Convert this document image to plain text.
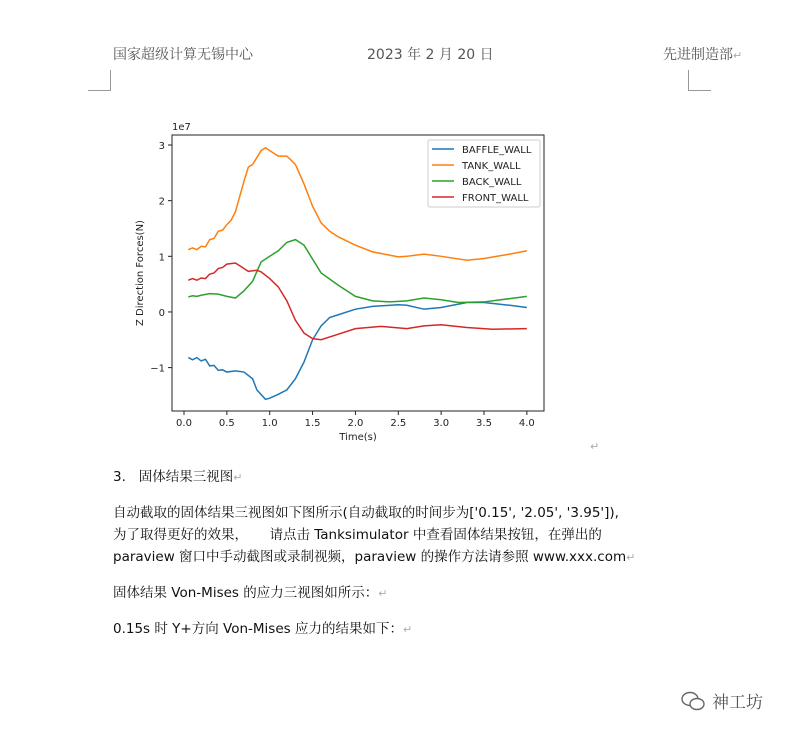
国家超级计算无锡中心	2023 年 2 月 20 日	先进制造部↵
0.0	0.5	1.0	1.5	2.0	2.5	3.0	3.5	4.0
−1
0
1
2
3
1e7
Time(s)
Z Direction Forces(N)
BAFFLE_WALL
TANK_WALL
BACK_WALL
FRONT_WALL
↵
3. 固体结果三视图↵
自动截取的固体结果三视图如下图所示(自动截取的时间步为['0.15', '2.05', '3.95']),
为了取得更好的效果，     请点击 Tanksimulator 中查看固体结果按钮，在弹出的
paraview 窗口中手动截图或录制视频，paraview 的操作方法请参照 www.xxx.com↵
固体结果 Von-Mises 的应力三视图如所示：↵
0.15s 时 Y+方向 Von-Mises 应力的结果如下：↵
神工坊
